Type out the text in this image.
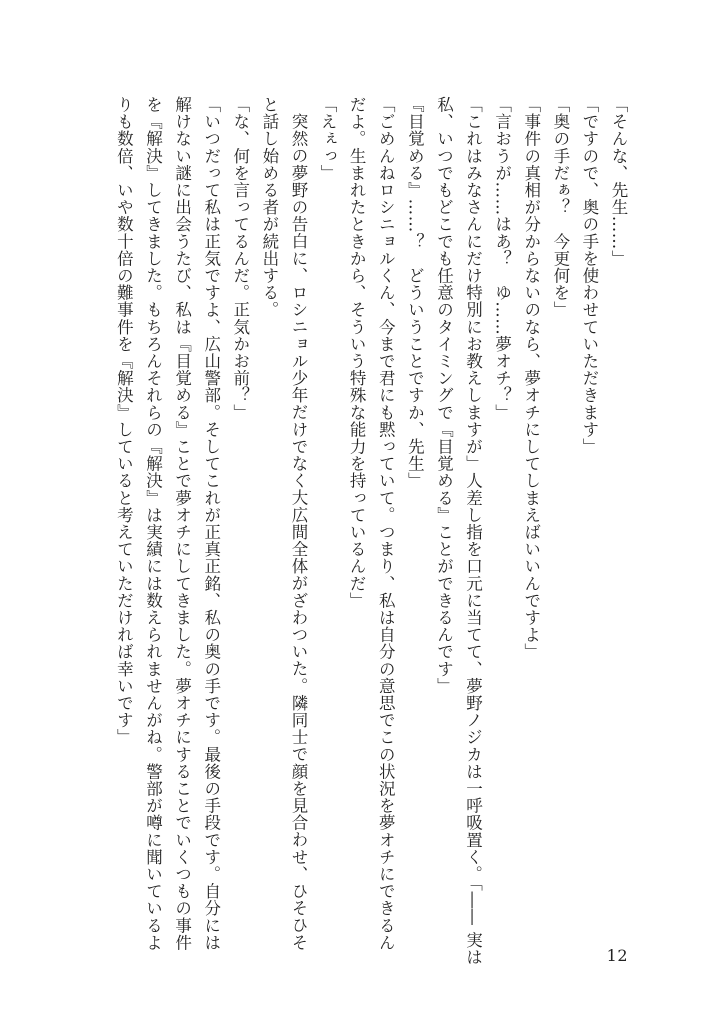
「そんな、先生……」
「ですので、奥の手を使わせていただきます」
「奥の手だぁ？　今更何を」
「事件の真相が分からないのなら、夢オチにしてしまえばいいんですよ」
「言おうが……はあ？　ゆ……夢オチ？」
「これはみなさんにだけ特別にお教えしますが」人差し指を口元に当てて、夢野ノジカは一呼吸置く。「―― 実は
私、いつでもどこでも任意のタイミングで『目覚める』ことができるんです」
『目覚める』……？　どういうことですか、先生」
「ごめんねロシニョルくん、今まで君にも黙っていて。つまり、私は自分の意思でこの状況を夢オチにできるん
だよ。生まれたときから、そういう特殊な能力を持っているんだ」
「えぇっ」
突然の夢野の告白に、ロシニョル少年だけでなく大広間全体がざわついた。隣同士で顔を見合わせ、ひそひそ
と話し始める者が続出する。
「な、何を言ってるんだ。正気かお前？」
「いつだって私は正気ですよ、広山警部。そしてこれが正真正銘、私の奥の手です。最後の手段です。自分には
解けない謎に出会うたび、私は『目覚める』ことで夢オチにしてきました。夢オチにすることでいくつもの事件
を『解決』してきました。もちろんそれらの『解決』は実績には数えられませんがね。警部が噂に聞いているよ
りも数倍、いや数十倍の難事件を『解決』していると考えていただければ幸いです」
12
